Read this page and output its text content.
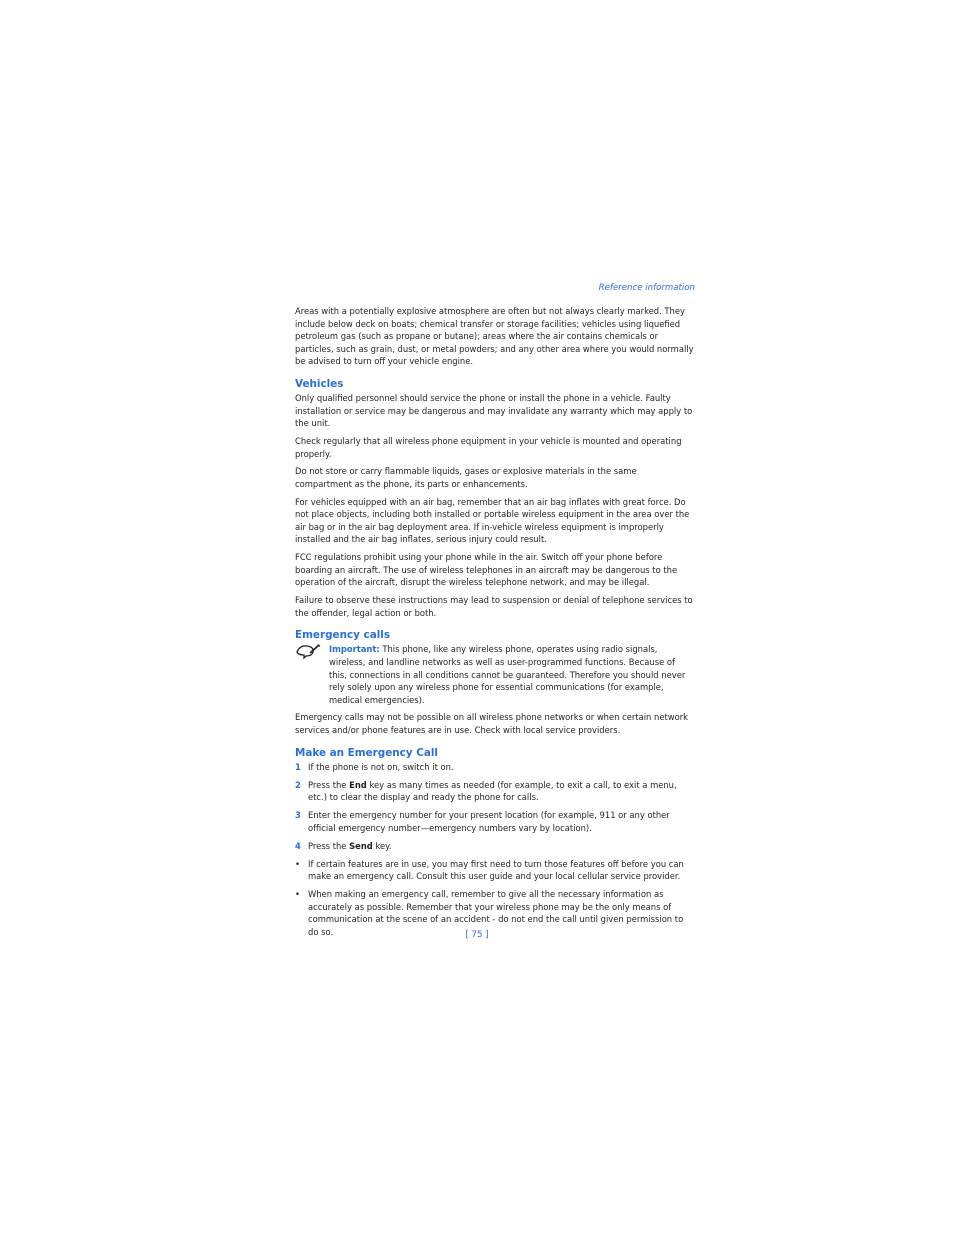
Reference information

Areas with a potentially explosive atmosphere are often but not always clearly marked. They include below deck on boats; chemical transfer or storage facilities; vehicles using liquefied petroleum gas (such as propane or butane); areas where the air contains chemicals or particles, such as grain, dust, or metal powders; and any other area where you would normally be advised to turn off your vehicle engine.

Vehicles

Only qualified personnel should service the phone or install the phone in a vehicle. Faulty installation or service may be dangerous and may invalidate any warranty which may apply to the unit.

Check regularly that all wireless phone equipment in your vehicle is mounted and operating properly.

Do not store or carry flammable liquids, gases or explosive materials in the same compartment as the phone, its parts or enhancements.

For vehicles equipped with an air bag, remember that an air bag inflates with great force. Do not place objects, including both installed or portable wireless equipment in the area over the air bag or in the air bag deployment area. If in-vehicle wireless equipment is improperly installed and the air bag inflates, serious injury could result.

FCC regulations prohibit using your phone while in the air. Switch off your phone before boarding an aircraft. The use of wireless telephones in an aircraft may be dangerous to the operation of the aircraft, disrupt the wireless telephone network, and may be illegal.

Failure to observe these instructions may lead to suspension or denial of telephone services to the offender, legal action or both.

Emergency calls
Important: This phone, like any wireless phone, operates using radio signals, wireless, and landline networks as well as user-programmed functions. Because of this, connections in all conditions cannot be guaranteed. Therefore you should never rely solely upon any wireless phone for essential communications (for example, medical emergencies).

Emergency calls may not be possible on all wireless phone networks or when certain network services and/or phone features are in use. Check with local service providers.

Make an Emergency Call
1 If the phone is not on, switch it on.
2 Press the End key as many times as needed (for example, to exit a call, to exit a menu, etc.) to clear the display and ready the phone for calls.
3 Enter the emergency number for your present location (for example, 911 or any other official emergency number—emergency numbers vary by location).
4 Press the Send key.
• If certain features are in use, you may first need to turn those features off before you can make an emergency call. Consult this user guide and your local cellular service provider.
• When making an emergency call, remember to give all the necessary information as accurately as possible. Remember that your wireless phone may be the only means of communication at the scene of an accident - do not end the call until given permission to do so.	[ 75 ]
